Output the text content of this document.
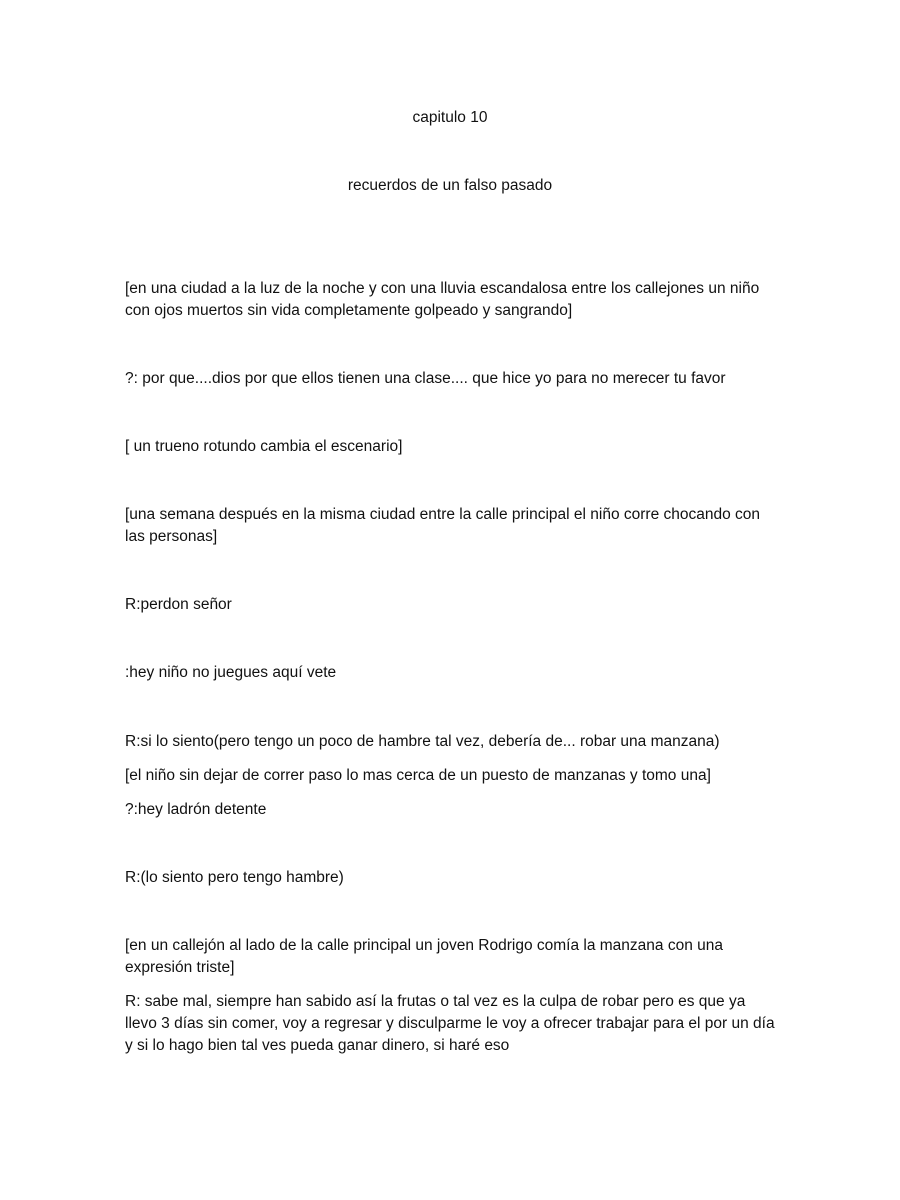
capitulo 10
recuerdos de un falso pasado

[en una ciudad a la luz de la noche y con una lluvia escandalosa entre los callejones un niño con ojos muertos sin vida completamente golpeado y sangrando]

?: por que....dios por que ellos tienen una clase.... que hice yo para no merecer tu favor

[ un trueno rotundo cambia el escenario]

[una semana después en la misma ciudad entre la calle principal el niño corre chocando con las personas]

R:perdon señor

:hey niño no juegues aquí vete

R:si lo siento(pero tengo un poco de hambre tal vez, debería de... robar una manzana)

[el niño sin dejar de correr paso lo mas cerca de un puesto de manzanas y tomo una]

?:hey ladrón detente

R:(lo siento pero tengo hambre)

[en un callejón al lado de la calle principal un joven Rodrigo comía la manzana con una expresión triste]

R: sabe mal, siempre han sabido así la frutas o tal vez es la culpa de robar pero es que ya llevo 3 días sin comer, voy a regresar y disculparme le voy a ofrecer trabajar para el por un día y si lo hago bien tal ves pueda ganar dinero, si haré eso
